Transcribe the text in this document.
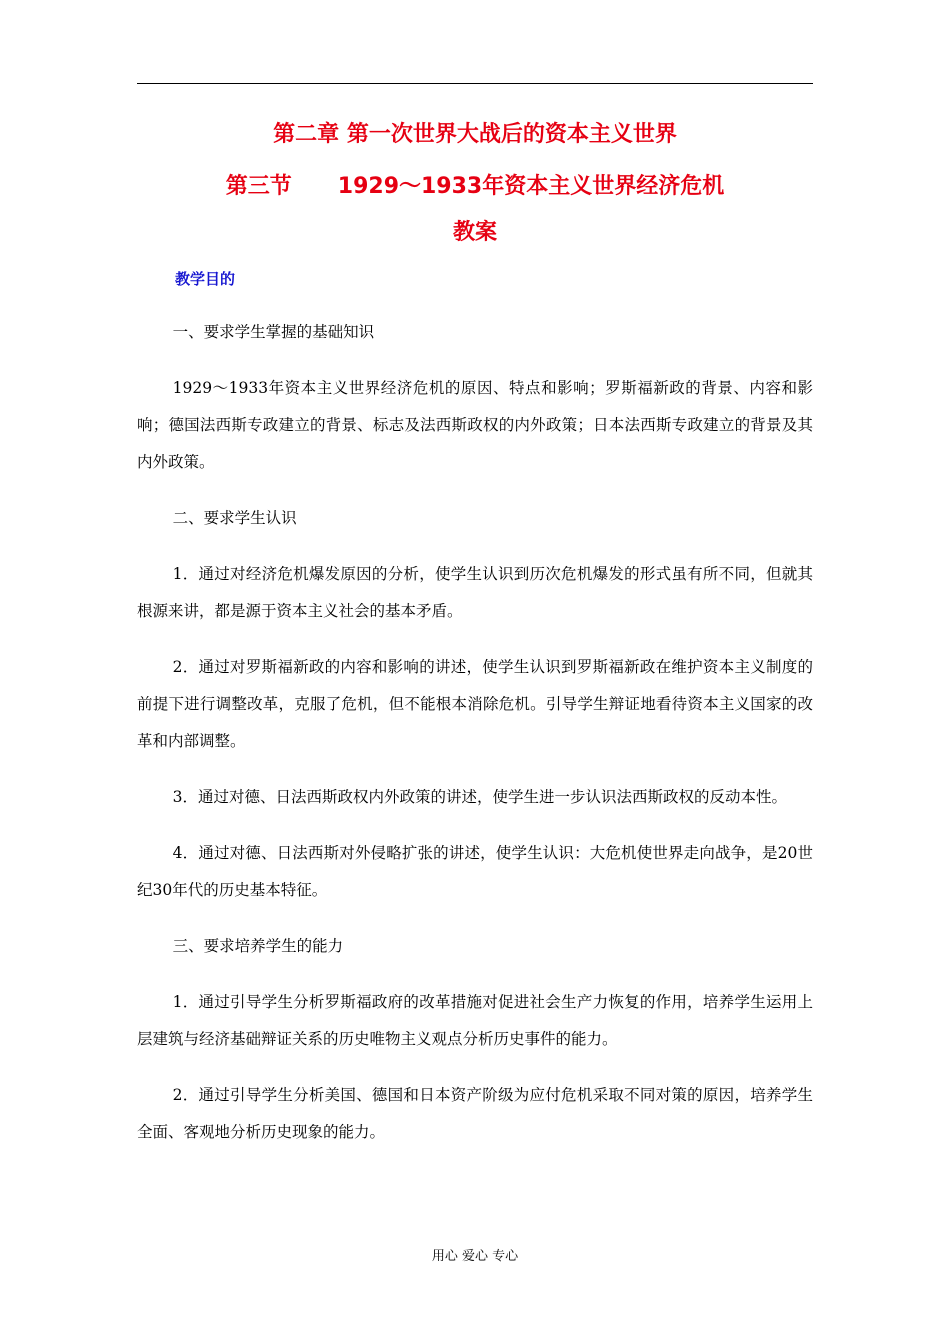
第二章 第一次世界大战后的资本主义世界
第三节 1929～1933年资本主义世界经济危机
教案
教学目的
一、要求学生掌握的基础知识
1929～1933年资本主义世界经济危机的原因、特点和影响；罗斯福新政的背景、内容和影响；德国法西斯专政建立的背景、标志及法西斯政权的内外政策；日本法西斯专政建立的背景及其内外政策。
二、要求学生认识
1．通过对经济危机爆发原因的分析，使学生认识到历次危机爆发的形式虽有所不同，但就其根源来讲，都是源于资本主义社会的基本矛盾。
2．通过对罗斯福新政的内容和影响的讲述，使学生认识到罗斯福新政在维护资本主义制度的前提下进行调整改革，克服了危机，但不能根本消除危机。引导学生辩证地看待资本主义国家的改革和内部调整。
3．通过对德、日法西斯政权内外政策的讲述，使学生进一步认识法西斯政权的反动本性。
4．通过对德、日法西斯对外侵略扩张的讲述，使学生认识：大危机使世界走向战争，是20世纪30年代的历史基本特征。
三、要求培养学生的能力
1．通过引导学生分析罗斯福政府的改革措施对促进社会生产力恢复的作用，培养学生运用上层建筑与经济基础辩证关系的历史唯物主义观点分析历史事件的能力。
2．通过引导学生分析美国、德国和日本资产阶级为应付危机采取不同对策的原因，培养学生全面、客观地分析历史现象的能力。
用心 爱心 专心
